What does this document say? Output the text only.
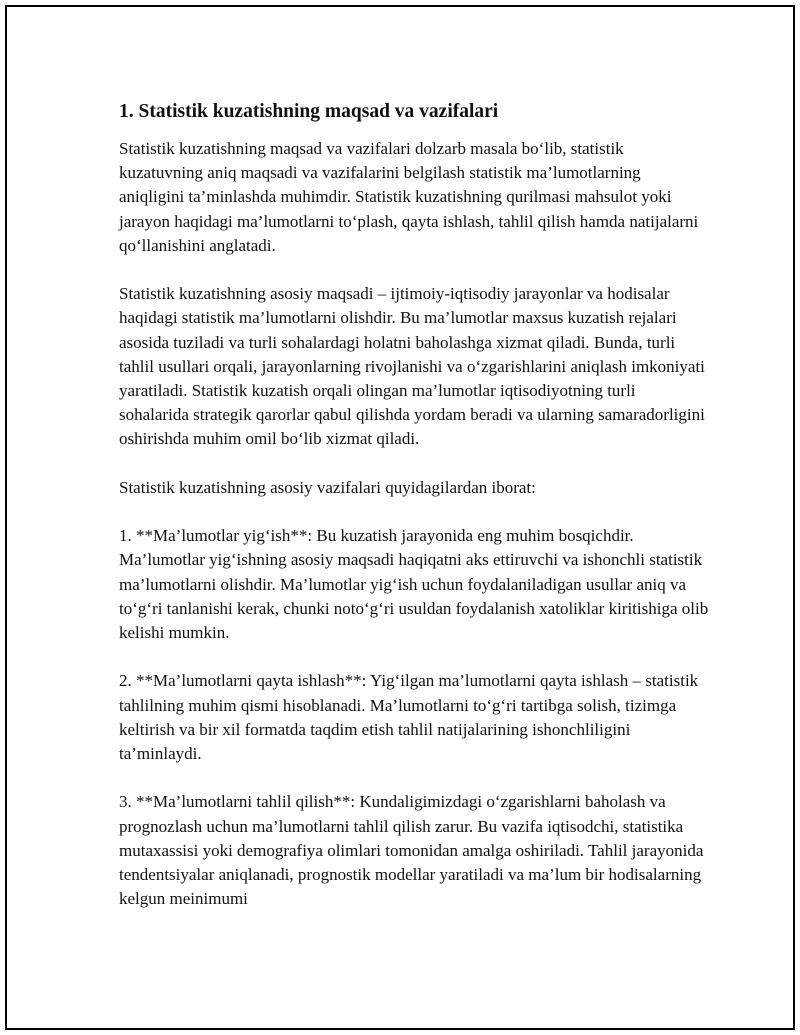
1. Statistik kuzatishning maqsad va vazifalari

Statistik kuzatishning maqsad va vazifalari dolzarb masala bo‘lib, statistik kuzatuvning aniq maqsadi va vazifalarini belgilash statistik ma’lumotlarning aniqligini ta’minlashda muhimdir. Statistik kuzatishning qurilmasi mahsulot yoki jarayon haqidagi ma’lumotlarni to‘plash, qayta ishlash, tahlil qilish hamda natijalarni qo‘llanishini anglatadi.

Statistik kuzatishning asosiy maqsadi – ijtimoiy-iqtisodiy jarayonlar va hodisalar haqidagi statistik ma’lumotlarni olishdir. Bu ma’lumotlar maxsus kuzatish rejalari asosida tuziladi va turli sohalardagi holatni baholashga xizmat qiladi. Bunda, turli tahlil usullari orqali, jarayonlarning rivojlanishi va o‘zgarishlarini aniqlash imkoniyati yaratiladi. Statistik kuzatish orqali olingan ma’lumotlar iqtisodiyotning turli sohalarida strategik qarorlar qabul qilishda yordam beradi va ularning samaradorligini oshirishda muhim omil bo‘lib xizmat qiladi.

Statistik kuzatishning asosiy vazifalari quyidagilardan iborat:

1. **Ma’lumotlar yig‘ish**: Bu kuzatish jarayonida eng muhim bosqichdir. Ma’lumotlar yig‘ishning asosiy maqsadi haqiqatni aks ettiruvchi va ishonchli statistik ma’lumotlarni olishdir. Ma’lumotlar yig‘ish uchun foydalaniladigan usullar aniq va to‘g‘ri tanlanishi kerak, chunki noto‘g‘ri usuldan foydalanish xatoliklar kiritishiga olib kelishi mumkin.

2. **Ma’lumotlarni qayta ishlash**: Yig‘ilgan ma’lumotlarni qayta ishlash – statistik tahlilning muhim qismi hisoblanadi. Ma’lumotlarni to‘g‘ri tartibga solish, tizimga keltirish va bir xil formatda taqdim etish tahlil natijalarining ishonchliligini ta’minlaydi.

3. **Ma’lumotlarni tahlil qilish**: Kundaligimizdagi o‘zgarishlarni baholash va prognozlash uchun ma’lumotlarni tahlil qilish zarur. Bu vazifa iqtisodchi, statistika mutaxassisi yoki demografiya olimlari tomonidan amalga oshiriladi. Tahlil jarayonida tendentsiyalar aniqlanadi, prognostik modellar yaratiladi va ma’lum bir hodisalarning kelgun meinimumi
